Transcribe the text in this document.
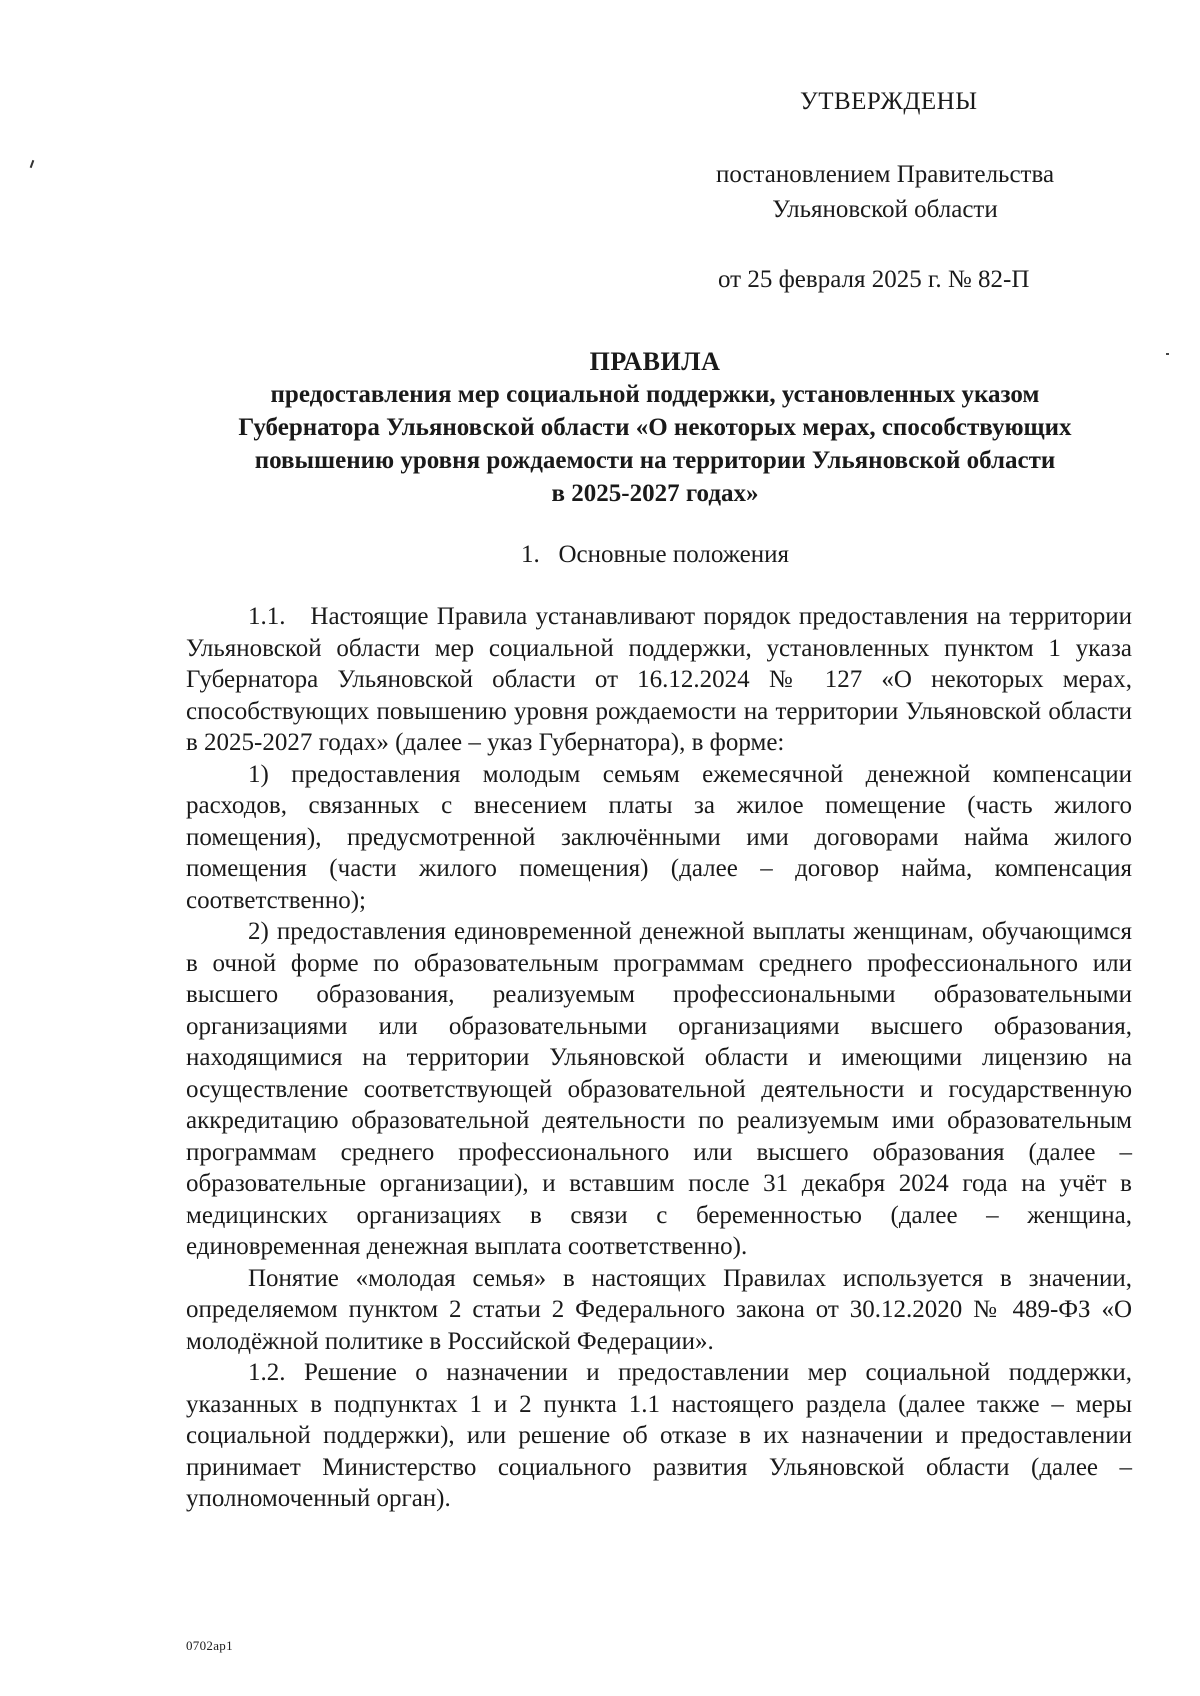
УТВЕРЖДЕНЫ
постановлением Правительства
Ульяновской области
от 25 февраля 2025 г. № 82-П
ПРАВИЛА
предоставления мер социальной поддержки, установленных указом
Губернатора Ульяновской области «О некоторых мерах, способствующих
повышению уровня рождаемости на территории Ульяновской области
в 2025-2027 годах»
1.   Основные положения

1.1.   Настоящие Правила устанавливают порядок предоставления на территории Ульяновской области мер социальной поддержки, установленных пунктом 1 указа Губернатора Ульяновской области от 16.12.2024 № 127 «О некоторых мерах, способствующих повышению уровня рождаемости на территории Ульяновской области в 2025-2027 годах» (далее – указ Губернатора), в форме:

1) предоставления молодым семьям ежемесячной денежной компенсации расходов, связанных с внесением платы за жилое помещение (часть жилого помещения), предусмотренной заключёнными ими договорами найма жилого помещения (части жилого помещения) (далее – договор найма, компенсация соответственно);

2) предоставления единовременной денежной выплаты женщинам, обучающимся в очной форме по образовательным программам среднего профессионального или высшего образования, реализуемым профессиональными образовательными организациями или образовательными организациями высшего образования, находящимися на территории Ульяновской области и имеющими лицензию на осуществление соответствующей образовательной деятельности и государственную аккредитацию образовательной деятельности по реализуемым ими образовательным программам среднего профессионального или высшего образования (далее – образовательные организации), и вставшим после 31 декабря 2024 года на учёт в медицинских организациях в связи с беременностью (далее – женщина, единовременная денежная выплата соответственно).

Понятие «молодая семья» в настоящих Правилах используется в значении, определяемом пунктом 2 статьи 2 Федерального закона от 30.12.2020 № 489-ФЗ «О молодёжной политике в Российской Федерации».

1.2. Решение о назначении и предоставлении мер социальной поддержки, указанных в подпунктах 1 и 2 пункта 1.1 настоящего раздела (далее также – меры социальной поддержки), или решение об отказе в их назначении и предоставлении принимает Министерство социального развития Ульяновской области (далее – уполномоченный орган).

0702ap1
